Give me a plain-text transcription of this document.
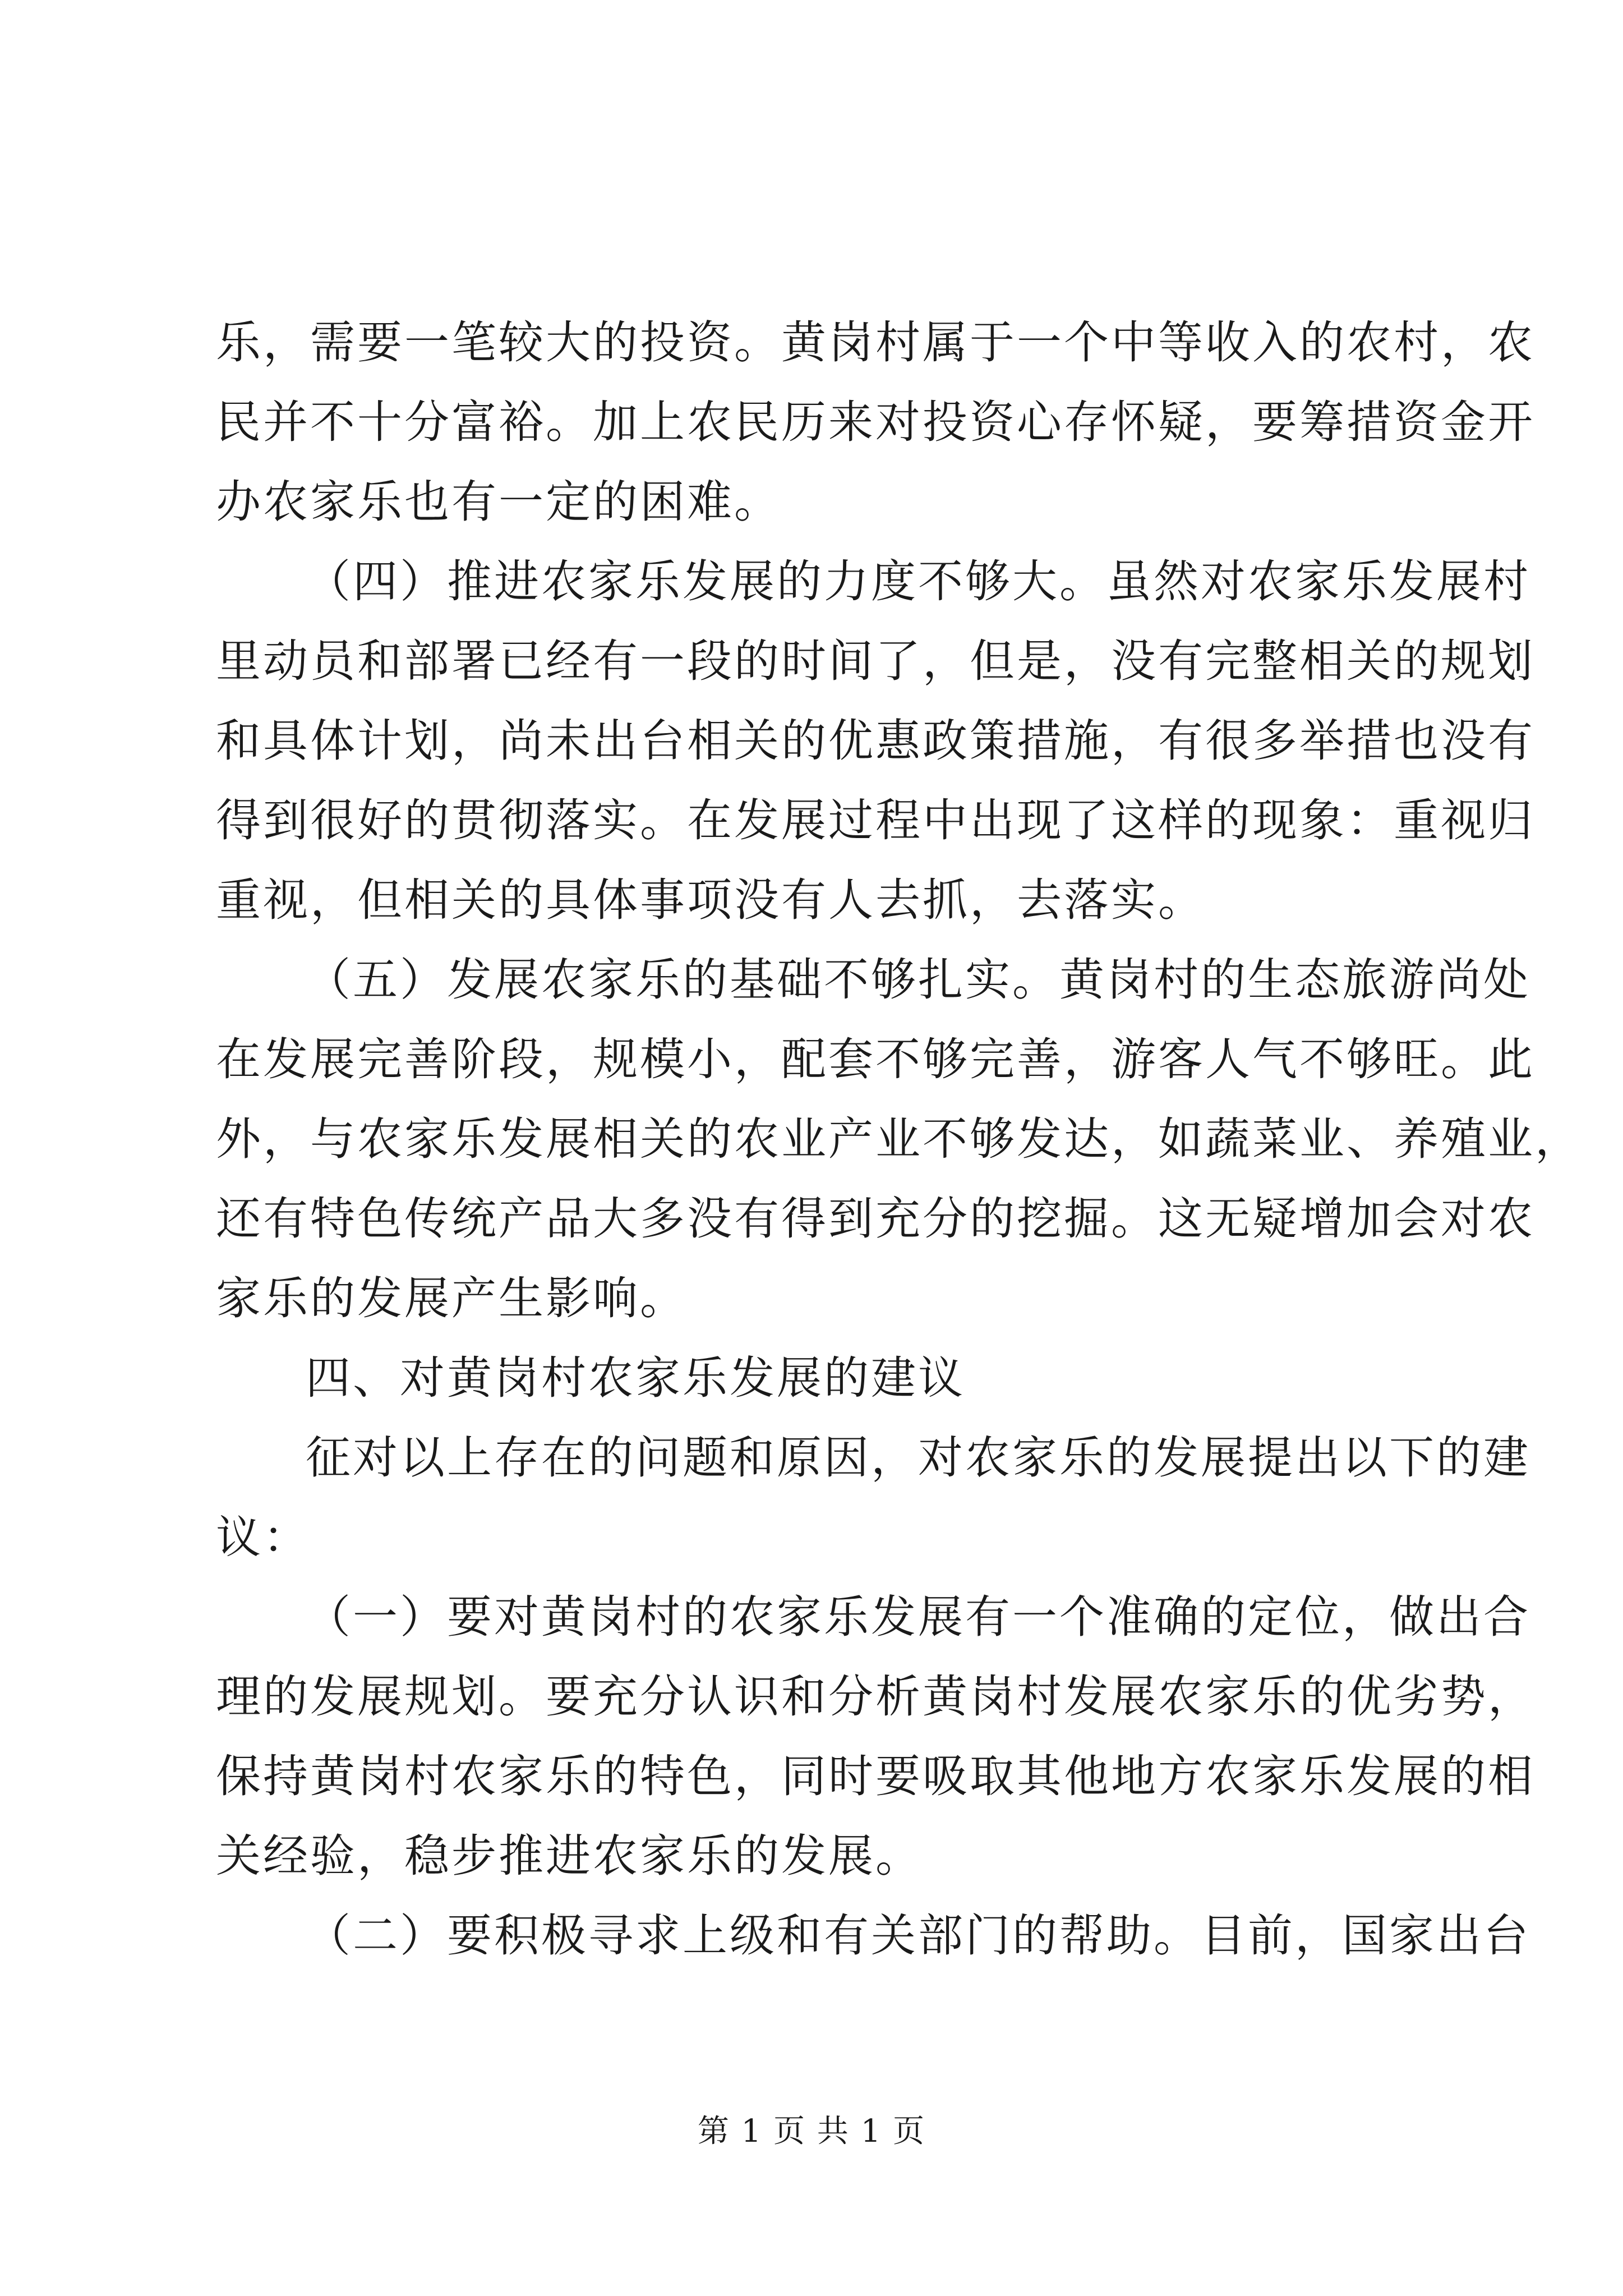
乐，需要一笔较大的投资。黄岗村属于一个中等收入的农村，农
民并不十分富裕。加上农民历来对投资心存怀疑，要筹措资金开
办农家乐也有一定的困难。
（四）推进农家乐发展的力度不够大。虽然对农家乐发展村
里动员和部署已经有一段的时间了，但是，没有完整相关的规划
和具体计划，尚未出台相关的优惠政策措施，有很多举措也没有
得到很好的贯彻落实。在发展过程中出现了这样的现象：重视归
重视，但相关的具体事项没有人去抓，去落实。
（五）发展农家乐的基础不够扎实。黄岗村的生态旅游尚处
在发展完善阶段，规模小，配套不够完善，游客人气不够旺。此
外，与农家乐发展相关的农业产业不够发达，如蔬菜业、养殖业，
还有特色传统产品大多没有得到充分的挖掘。这无疑增加会对农
家乐的发展产生影响。
四、对黄岗村农家乐发展的建议
征对以上存在的问题和原因，对农家乐的发展提出以下的建
议：
（一）要对黄岗村的农家乐发展有一个准确的定位，做出合
理的发展规划。要充分认识和分析黄岗村发展农家乐的优劣势，
保持黄岗村农家乐的特色，同时要吸取其他地方农家乐发展的相
关经验，稳步推进农家乐的发展。
（二）要积极寻求上级和有关部门的帮助。目前，国家出台
第 1 页 共 1 页
